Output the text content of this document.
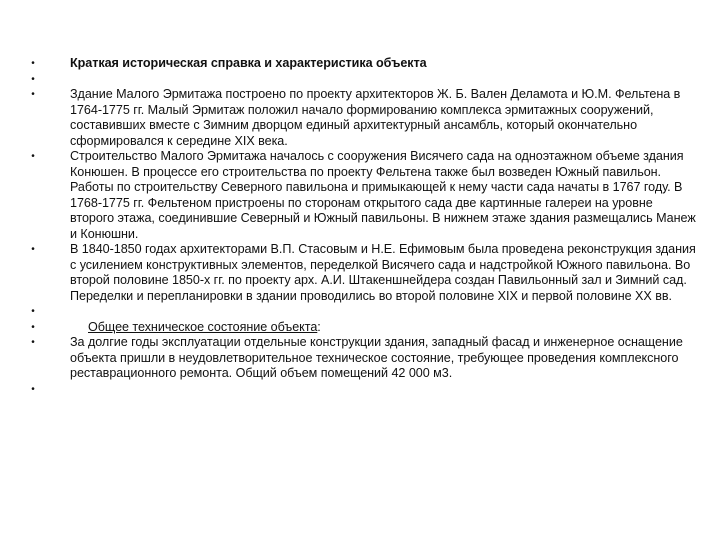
•	Краткая историческая справка и характеристика объекта
•
•	Здание Малого Эрмитажа построено по проекту архитекторов Ж. Б. Вален Деламота и Ю.М. Фельтена в 1764-1775 гг. Малый Эрмитаж положил начало формированию комплекса эрмитажных сооружений, составивших вместе с Зимним дворцом единый архитектурный ансамбль, который окончательно сформировался к середине XIX века.
•	Строительство Малого Эрмитажа началось с сооружения Висячего сада на одноэтажном объеме здания Конюшен. В процессе его строительства по проекту Фельтена также был возведен Южный павильон. Работы по строительству Северного павильона и примыкающей к нему части сада начаты в 1767 году. В 1768-1775 гг. Фельтеном пристроены по сторонам открытого сада две картинные галереи на уровне второго этажа, соединившие Северный и Южный павильоны. В нижнем этаже здания размещались Манеж и Конюшни.
•	В 1840-1850 годах архитекторами В.П. Стасовым и Н.Е. Ефимовым была проведена реконструкция здания с усилением конструктивных элементов, переделкой Висячего сада и надстройкой Южного павильона. Во второй половине 1850-х гг. по проекту арх. А.И. Штакеншнейдера создан Павильонный зал и Зимний сад. Переделки и перепланировки в здании проводились во второй половине XIX и первой половине XX вв.
•
•	Общее техническое состояние объекта:
•	За долгие годы эксплуатации отдельные конструкции здания, западный фасад и инженерное оснащение объекта пришли в неудовлетворительное техническое состояние, требующее проведения комплексного реставрационного ремонта. Общий объем помещений 42 000 м3.
•
